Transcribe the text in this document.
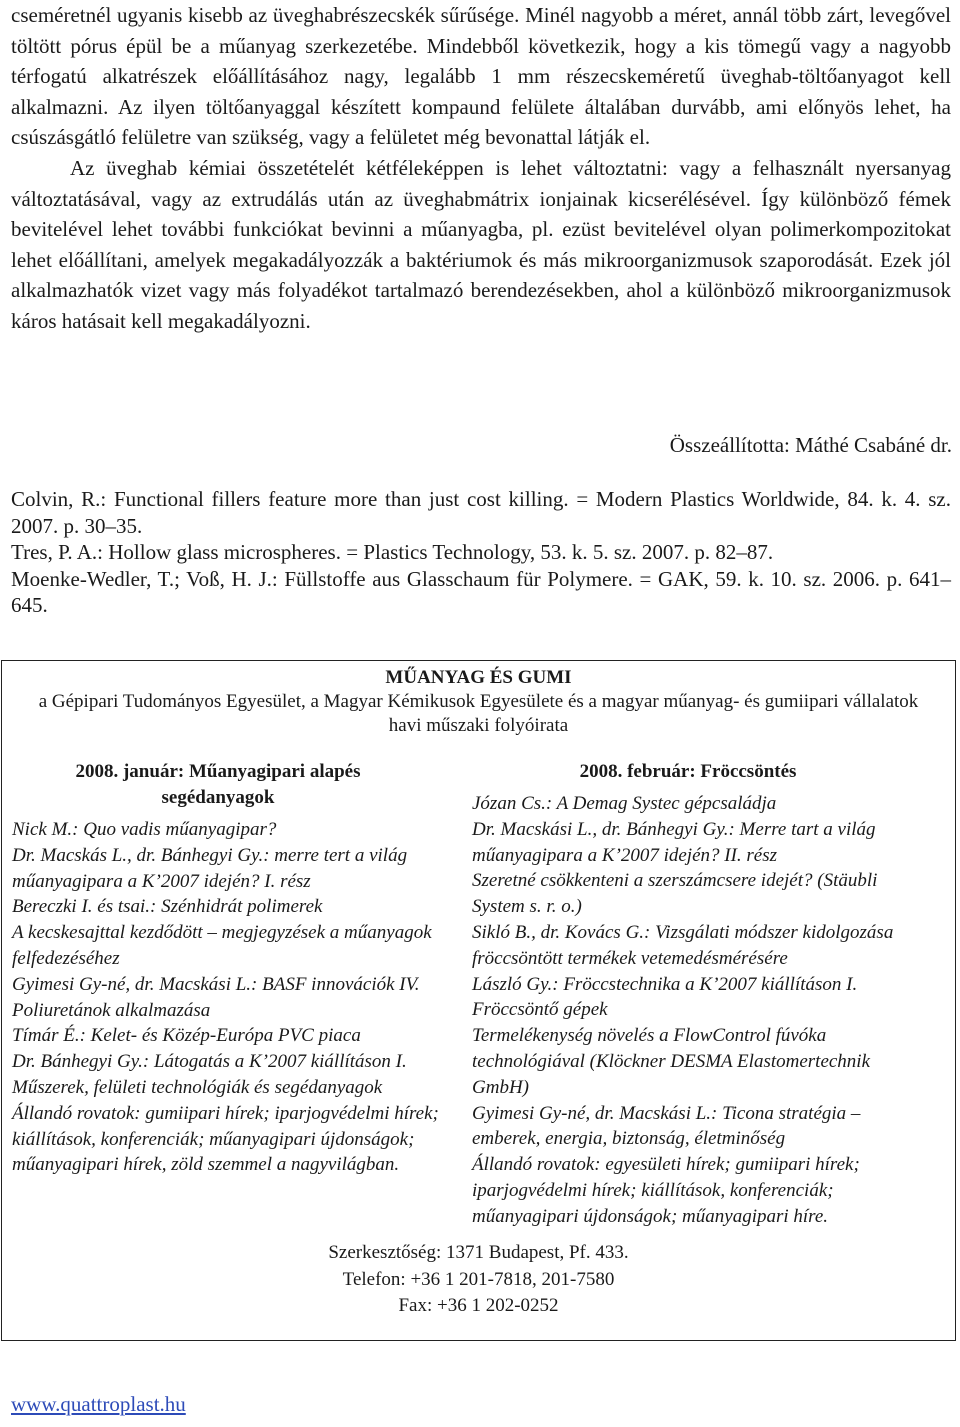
cseméretnél ugyanis kisebb az üveghabrészecskék sűrűsége. Minél nagyobb a méret, annál több zárt, levegővel töltött pórus épül be a műanyag szerkezetébe. Mindebből következik, hogy a kis tömegű vagy a nagyobb térfogatú alkatrészek előállításához nagy, legalább 1 mm részecskeméretű üveghab-töltőanyagot kell alkalmazni. Az ilyen töltőanyaggal készített kompaund felülete általában durvább, ami előnyös lehet, ha csúszásgátló felületre van szükség, vagy a felületet még bevonattal látják el.

Az üveghab kémiai összetételét kétféleképpen is lehet változtatni: vagy a felhasznált nyersanyag változtatásával, vagy az extrudálás után az üveghabmátrix ionjainak kicserélésével. Így különböző fémek bevitelével lehet további funkciókat bevinni a műanyagba, pl. ezüst bevitelével olyan polimerkompozitokat lehet előállítani, amelyek megakadályozzák a baktériumok és más mikroorganizmusok szaporodását. Ezek jól alkalmazhatók vizet vagy más folyadékot tartalmazó berendezésekben, ahol a különböző mikroorganizmusok káros hatásait kell megakadályozni.

Összeállította: Máthé Csabáné dr.

Colvin, R.: Functional fillers feature more than just cost killing. = Modern Plastics Worldwide, 84. k. 4. sz. 2007. p. 30–35.

Tres, P. A.: Hollow glass microspheres. = Plastics Technology, 53. k. 5. sz. 2007. p. 82–87.

Moenke-Wedler, T.; Voß, H. J.: Füllstoffe aus Glasschaum für Polymere. = GAK, 59. k. 10. sz. 2006. p. 641–645.

MŰANYAG ÉS GUMI
a Gépipari Tudományos Egyesület, a Magyar Kémikusok Egyesülete és a magyar műanyag- és gumiipari vállalatok havi műszaki folyóirata
2008. január: Műanyagipari alapés segédanyagok

Nick M.: Quo vadis műanyagipar?

Dr. Macskás L., dr. Bánhegyi Gy.: merre tert a világ műanyagipara a K’2007 idején? I. rész

Bereczki I. és tsai.: Szénhidrát polimerek

A kecskesajttal kezdődött – megjegyzések a műanyagok felfedezéséhez

Gyimesi Gy-né, dr. Macskási L.: BASF innovációk IV. Poliuretánok alkalmazása

Tímár É.: Kelet- és Közép-Európa PVC piaca

Dr. Bánhegyi Gy.: Látogatás a K’2007 kiállításon I. Műszerek, felületi technológiák és segédanyagok

Állandó rovatok: gumiipari hírek; iparjogvédelmi hírek; kiállítások, konferenciák; műanyagipari újdonságok; műanyagipari hírek, zöld szemmel a nagyvilágban.

2008. február: Fröccsöntés

Józan Cs.: A Demag Systec gépcsaládja

Dr. Macskási L., dr. Bánhegyi Gy.: Merre tart a világ műanyagipara a K’2007 idején? II. rész

Szeretné csökkenteni a szerszámcsere idejét? (Stäubli System s. r. o.)

Sikló B., dr. Kovács G.: Vizsgálati módszer kidolgozása fröccsöntött termékek vetemedésmérésére

László Gy.: Fröccstechnika a K’2007 kiállításon I. Fröccsöntő gépek

Termelékenység növelés a FlowControl fúvóka technológiával (Klöckner DESMA Elastomertechnik GmbH)

Gyimesi Gy-né, dr. Macskási L.: Ticona stratégia – emberek, energia, biztonság, életminőség

Állandó rovatok: egyesületi hírek; gumiipari hírek; iparjogvédelmi hírek; kiállítások, konferenciák; műanyagipari újdonságok; műanyagipari híre.

Szerkesztőség: 1371 Budapest, Pf. 433.
Telefon: +36 1 201-7818, 201-7580
Fax: +36 1 202-0252
www.quattroplast.hu
